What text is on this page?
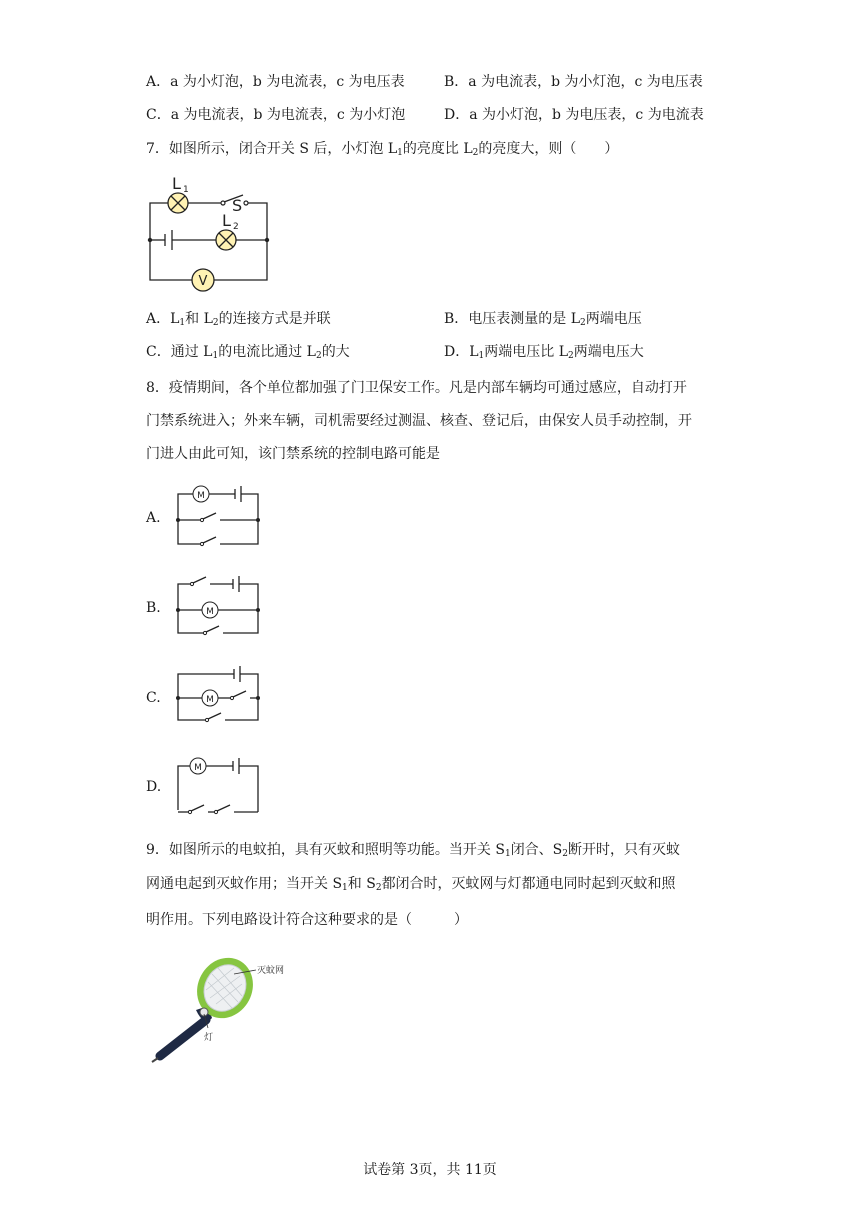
A．a 为小灯泡，b 为电流表，c 为电压表	B．a 为电流表，b 为小灯泡，c 为电压表
C．a 为电流表，b 为电流表，c 为小灯泡	D．a 为小灯泡，b 为电压表，c 为电流表
7．如图所示，闭合开关 S 后，小灯泡 $L_1$的亮度比 $L_2$的亮度大，则（　　）
V
L 1
S
L 2
A．$L_1$和 $L_2$的连接方式是并联	B．电压表测量的是 $L_2$两端电压
C．通过 $L_1$的电流比通过 $L_2$的大	D．$L_1$两端电压比 $L_2$两端电压大
8．疫情期间，各个单位都加强了门卫保安工作。凡是内部车辆均可通过感应，自动打开
门禁系统进入；外来车辆，司机需要经过测温、核查、登记后，由保安人员手动控制，开
门进人由此可知，该门禁系统的控制电路可能是
A.
M
B.	M
C.	M
D.
M
9．如图所示的电蚊拍，具有灭蚊和照明等功能。当开关 $S_1$闭合、$S_2$断开时，只有灭蚊
网通电起到灭蚊作用；当开关 $S_1$和 $S_2$都闭合时，灭蚊网与灯都通电同时起到灭蚊和照
明作用。下列电路设计符合这种要求的是（　　　）
灭蚊网
灯
试卷第 3页，共 11页
